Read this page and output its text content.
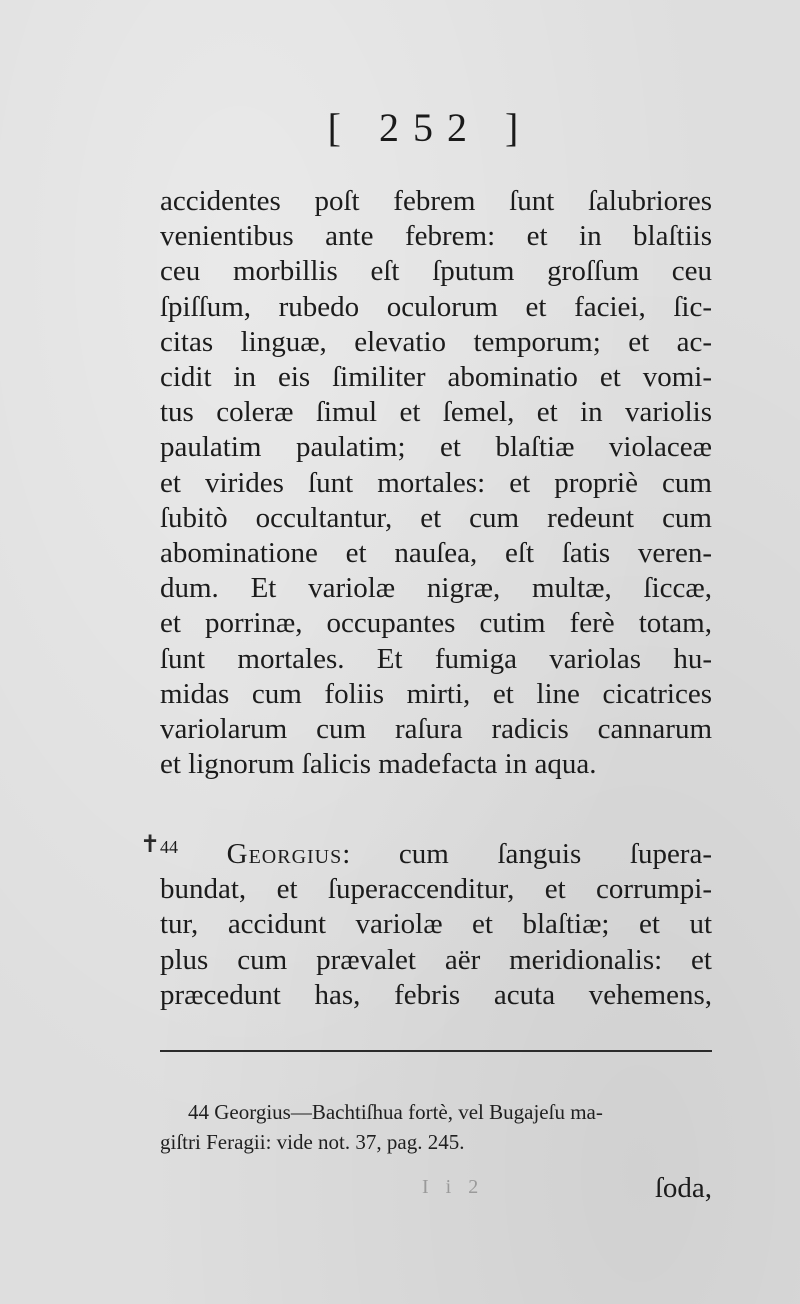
[ 252 ]
accidentes poſt febrem ſunt ſalubriores
venientibus ante febrem: et in blaſtiis
ceu morbillis eſt ſputum groſſum ceu
ſpiſſum, rubedo oculorum et faciei, ſic-
citas linguæ, elevatio temporum; et ac-
cidit in eis ſimiliter abominatio et vomi-
tus coleræ ſimul et ſemel, et in variolis
paulatim paulatim; et blaſtiæ violaceæ
et virides ſunt mortales: et propriè cum
ſubitò occultantur, et cum redeunt cum
abominatione et nauſea, eſt ſatis veren-
dum. Et variolæ nigræ, multæ, ſiccæ,
et porrinæ, occupantes cutim ferè totam,
ſunt mortales. Et fumiga variolas hu-
midas cum foliis mirti, et line cicatrices
variolarum cum raſura radicis cannarum
et lignorum ſalicis madefacta in aqua.
✝ $^{44}$ Georgius: cum ſanguis ſupera-
bundat, et ſuperaccenditur, et corrumpi-
tur, accidunt variolæ et blaſtiæ; et ut
plus cum prævalet aër meridionalis: et
præcedunt has, febris acuta vehemens,
44 Georgius—Bachtiſhua fortè, vel Bugajeſu ma-
giſtri Feragii: vide not. 37, pag. 245.
I i 2	ſoda,
